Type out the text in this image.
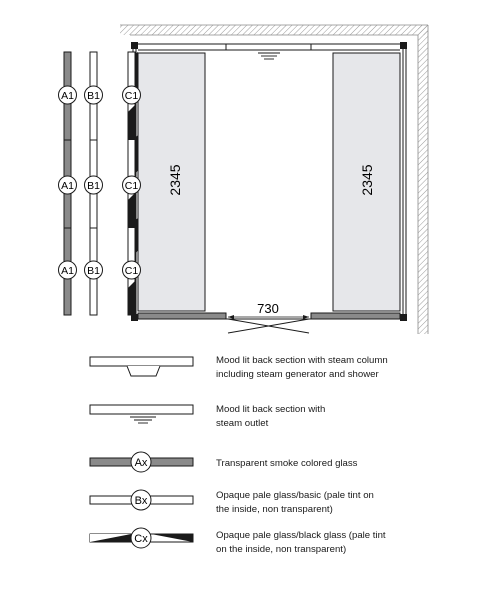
730
2345	2345
A1
A1
A1
B1
B1
B1
C1
C1
C1
Mood lit back section with steam column
including steam generator and shower
Mood lit back section with
steam outlet
Ax	Transparent smoke colored glass
Bx	Opaque pale glass/basic (pale tint on
the inside, non transparent)
Cx	Opaque pale glass/black glass (pale tint
on the inside, non transparent)
